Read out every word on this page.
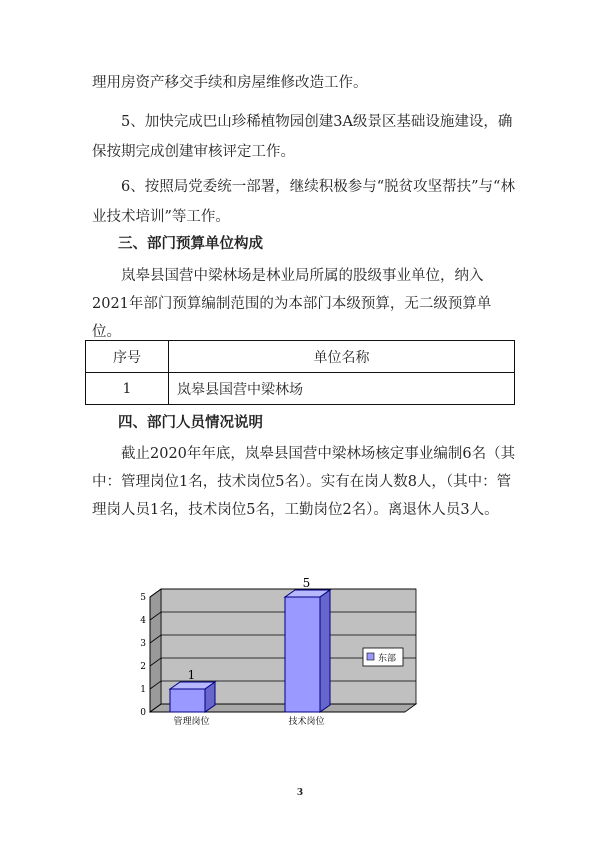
理用房资产移交手续和房屋维修改造工作。

5、加快完成巴山珍稀植物园创建3A级景区基础设施建设，确保按期完成创建审核评定工作。

6、按照局党委统一部署，继续积极参与“脱贫攻坚帮扶”与“林业技术培训”等工作。

三、部门预算单位构成

岚皋县国营中梁林场是林业局所属的股级事业单位，纳入2021年部门预算编制范围的为本部门本级预算，无二级预算单位。

序号	单位名称
1	岚皋县国营中梁林场

四、部门人员情况说明

截止2020年年底，岚皋县国营中梁林场核定事业编制6名（其中：管理岗位1名，技术岗位5名）。实有在岗人数8人，（其中：管理岗人员1名，技术岗位5名，工勤岗位2名）。离退休人员3人。

0
1
2
3
4
5
1
管理岗位
5
技术岗位
东部
3
